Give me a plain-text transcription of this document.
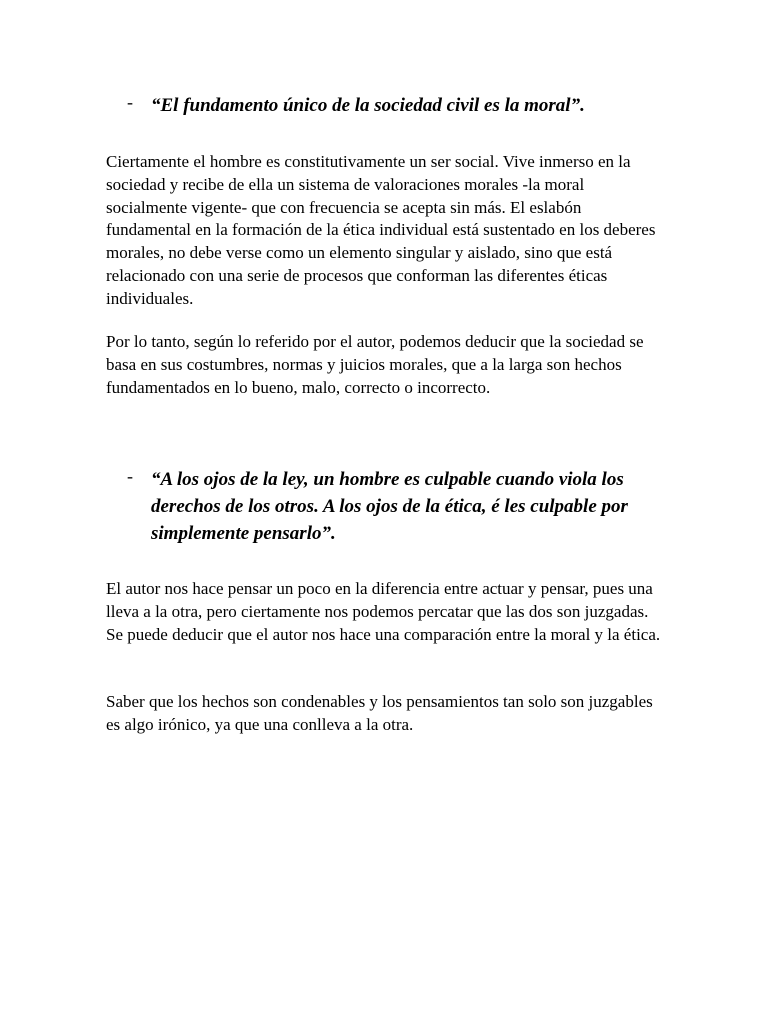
- “El fundamento único de la sociedad civil es la moral”.

Ciertamente el hombre es constitutivamente un ser social. Vive inmerso en la sociedad y recibe de ella un sistema de valoraciones morales -la moral socialmente vigente- que con frecuencia se acepta sin más. El eslabón fundamental en la formación de la ética individual está sustentado en los deberes morales, no debe verse como un elemento singular y aislado, sino que está relacionado con una serie de procesos que conforman las diferentes éticas individuales.

Por lo tanto, según lo referido por el autor, podemos deducir que la sociedad se basa en sus costumbres, normas y juicios morales, que a la larga son hechos fundamentados en lo bueno, malo, correcto o incorrecto.

- “A los ojos de la ley, un hombre es culpable cuando viola los derechos de los otros. A los ojos de la ética, é les culpable por simplemente pensarlo”.

El autor nos hace pensar un poco en la diferencia entre actuar y pensar, pues una lleva a la otra, pero ciertamente nos podemos percatar que las dos son juzgadas. Se puede deducir que el autor nos hace una comparación entre la moral y la ética.

Saber que los hechos son condenables y los pensamientos tan solo son juzgables es algo irónico, ya que una conlleva a la otra.
